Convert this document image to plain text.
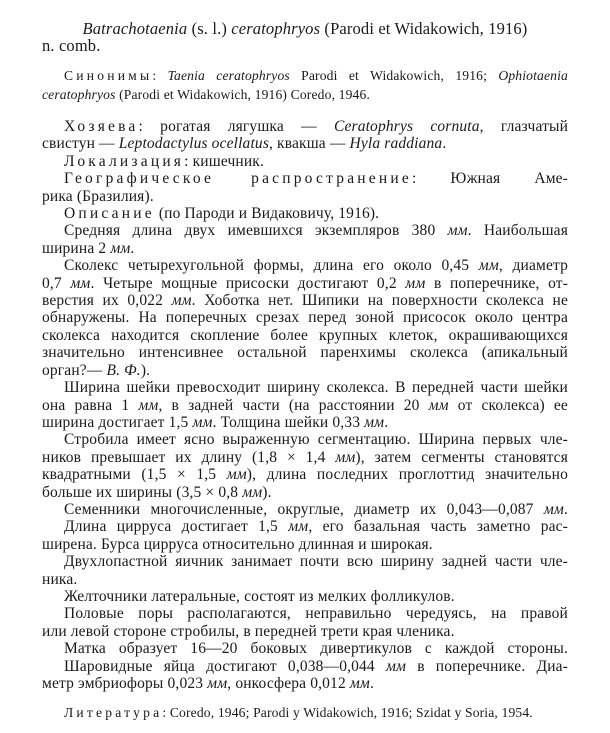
Batrachotaenia (s. l.) ceratophryos (Parodi et Widakowich, 1916)
n. comb.
Синонимы: Taenia ceratophryos Parodi et Widakowich, 1916; Ophiotaenia
ceratophryos (Parodi et Widakowich, 1916) Coredo, 1946.
Хозяева: рогатая лягушка — Ceratophrys cornuta, глазчатый
свистун — Leptodactylus ocellatus, квакша — Hyla raddiana.
Локализация: кишечник.
Географическое распространение: Южная Аме-
рика (Бразилия).
Описание (по Пароди и Видаковичу, 1916).
Средняя длина двух имевшихся экземпляров 380 мм. Наибольшая
ширина 2 мм.
Сколекс четырехугольной формы, длина его около 0,45 мм, диаметр
0,7 мм. Четыре мощные присоски достигают 0,2 мм в поперечнике, от-
верстия их 0,022 мм. Хоботка нет. Шипики на поверхности сколекса не
обнаружены. На поперечных срезах перед зоной присосок около центра
сколекса находится скопление более крупных клеток, окрашивающихся
значительно интенсивнее остальной паренхимы сколекса (апикальный
орган?— В. Ф.).
Ширина шейки превосходит ширину сколекса. В передней части шейки
она равна 1 мм, в задней части (на расстоянии 20 мм от сколекса) ее
ширина достигает 1,5 мм. Толщина шейки 0,33 мм.
Стробила имеет ясно выраженную сегментацию. Ширина первых чле-
ников превышает их длину (1,8 × 1,4 мм), затем сегменты становятся
квадратными (1,5 × 1,5 мм), длина последних проглоттид значительно
больше их ширины (3,5 × 0,8 мм).
Семенники многочисленные, округлые, диаметр их 0,043—0,087 мм.
Длина цирруса достигает 1,5 мм, его базальная часть заметно рас-
ширена. Бурса цирруса относительно длинная и широкая.
Двухлопастной яичник занимает почти всю ширину задней части чле-
ника.
Желточники латеральные, состоят из мелких фолликулов.
Половые поры располагаются, неправильно чередуясь, на правой
или левой стороне стробилы, в передней трети края членика.
Матка образует 16—20 боковых дивертикулов с каждой стороны.
Шаровидные яйца достигают 0,038—0,044 мм в поперечнике. Диа-
метр эмбриофоры 0,023 мм, онкосфера 0,012 мм.
Литература: Coredo, 1946; Parodi y Widakowich, 1916; Szidat y Soria, 1954.
